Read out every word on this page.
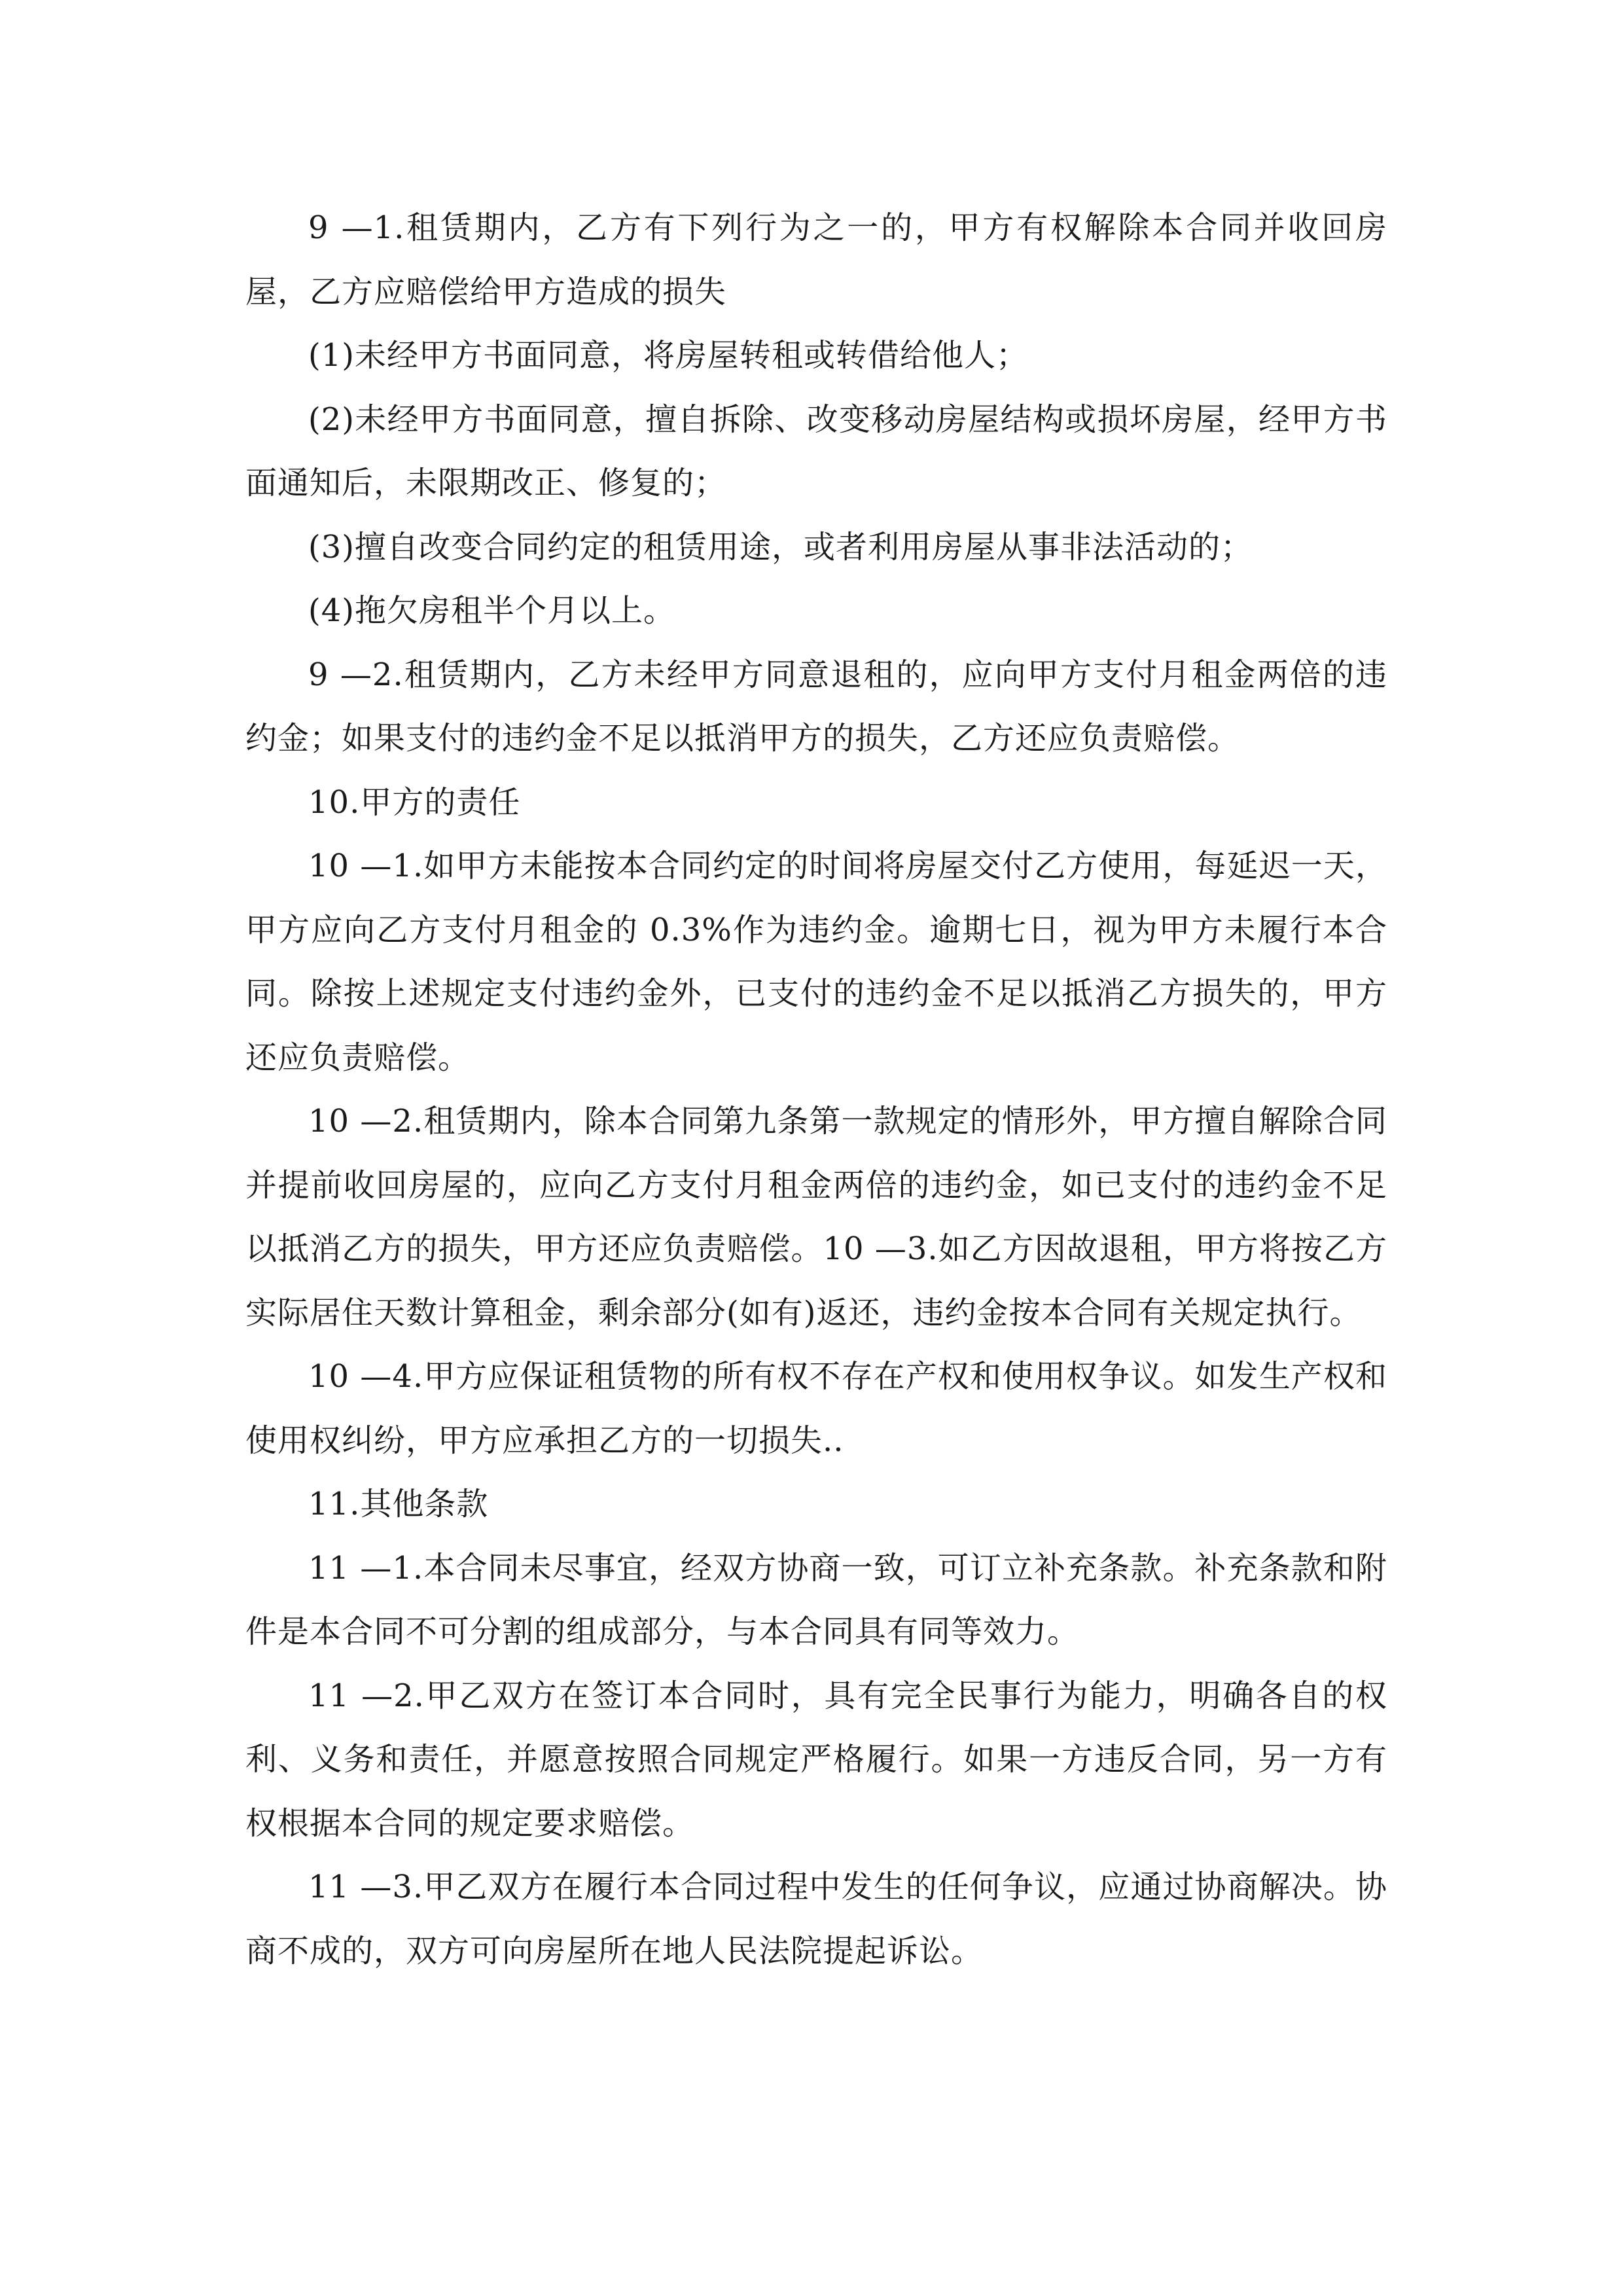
9 —1.租赁期内，乙方有下列行为之一的，甲方有权解除本合同并收回房屋，乙方应赔偿给甲方造成的损失

(1)未经甲方书面同意，将房屋转租或转借给他人；

(2)未经甲方书面同意，擅自拆除、改变移动房屋结构或损坏房屋，经甲方书面通知后，未限期改正、修复的；

(3)擅自改变合同约定的租赁用途，或者利用房屋从事非法活动的；

(4)拖欠房租半个月以上。

9 —2.租赁期内，乙方未经甲方同意退租的，应向甲方支付月租金两倍的违约金；如果支付的违约金不足以抵消甲方的损失，乙方还应负责赔偿。

10.甲方的责任

10 —1.如甲方未能按本合同约定的时间将房屋交付乙方使用，每延迟一天，甲方应向乙方支付月租金的 0.3%作为违约金。逾期七日，视为甲方未履行本合同。除按上述规定支付违约金外，已支付的违约金不足以抵消乙方损失的，甲方还应负责赔偿。

10 —2.租赁期内，除本合同第九条第一款规定的情形外，甲方擅自解除合同并提前收回房屋的，应向乙方支付月租金两倍的违约金，如已支付的违约金不足以抵消乙方的损失，甲方还应负责赔偿。10 —3.如乙方因故退租，甲方将按乙方实际居住天数计算租金，剩余部分(如有)返还，违约金按本合同有关规定执行。

10 —4.甲方应保证租赁物的所有权不存在产权和使用权争议。如发生产权和使用权纠纷，甲方应承担乙方的一切损失..

11.其他条款

11 —1.本合同未尽事宜，经双方协商一致，可订立补充条款。补充条款和附件是本合同不可分割的组成部分，与本合同具有同等效力。

11 —2.甲乙双方在签订本合同时，具有完全民事行为能力，明确各自的权利、义务和责任，并愿意按照合同规定严格履行。如果一方违反合同，另一方有权根据本合同的规定要求赔偿。

11 —3.甲乙双方在履行本合同过程中发生的任何争议，应通过协商解决。协商不成的，双方可向房屋所在地人民法院提起诉讼。
